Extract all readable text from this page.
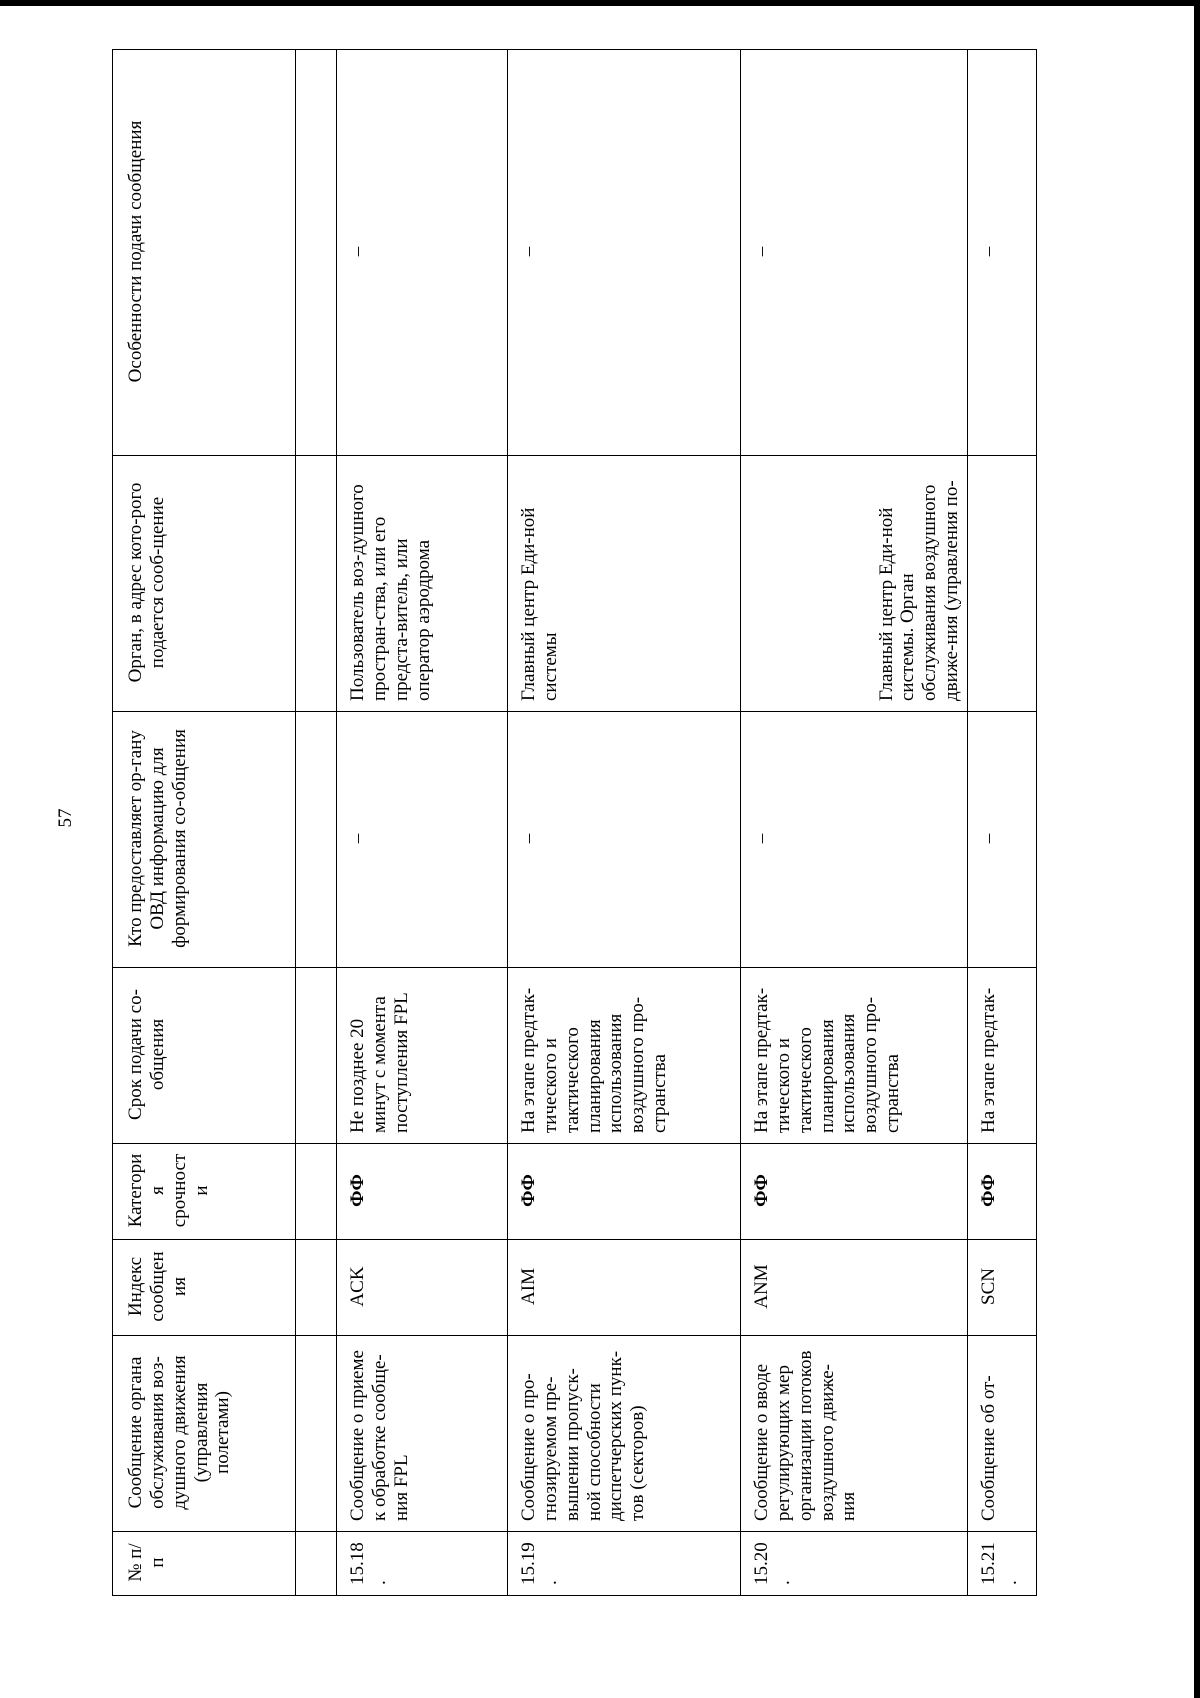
57
№ п/п	Сообщение органа обслуживания воз-душного движения (управления полетами)	Индекс сообщения	Категория срочности	Срок подачи со-общения	Кто предоставляет ор-гану ОВД информацию для формирования со-общения	Орган, в адрес кото-рого подается сооб-щение	Особенности подачи сообщения

15.18.	Сообщение о приеме к обработке сообще-ния FPL	ACK	ФФ	Не позднее 20 минут с момента поступления FPL	–	Пользователь воз-душного простран-ства, или его предста-витель, или оператор аэродрома	–
15.19.	Сообщение о про-гнозируемом пре-вышении пропуск-ной способности диспетчерских пунк-тов (секторов)	AIM	ФФ	На этапе предтак-тического и тактического планирования использования воздушного про-странства	–	Главный центр Еди-ной системы	–
15.20.	Сообщение о вводе регулирующих мер организации потоков воздушного движе-ния	ANM	ФФ	На этапе предтак-тического и тактического планирования использования воздушного про-странства	–	Главный центр Еди-ной системы. Орган обслуживания воздушного движе-ния (управления по-	–
15.21.	Сообщение об от-	SCN	ФФ	На этапе предтак-	–		–
